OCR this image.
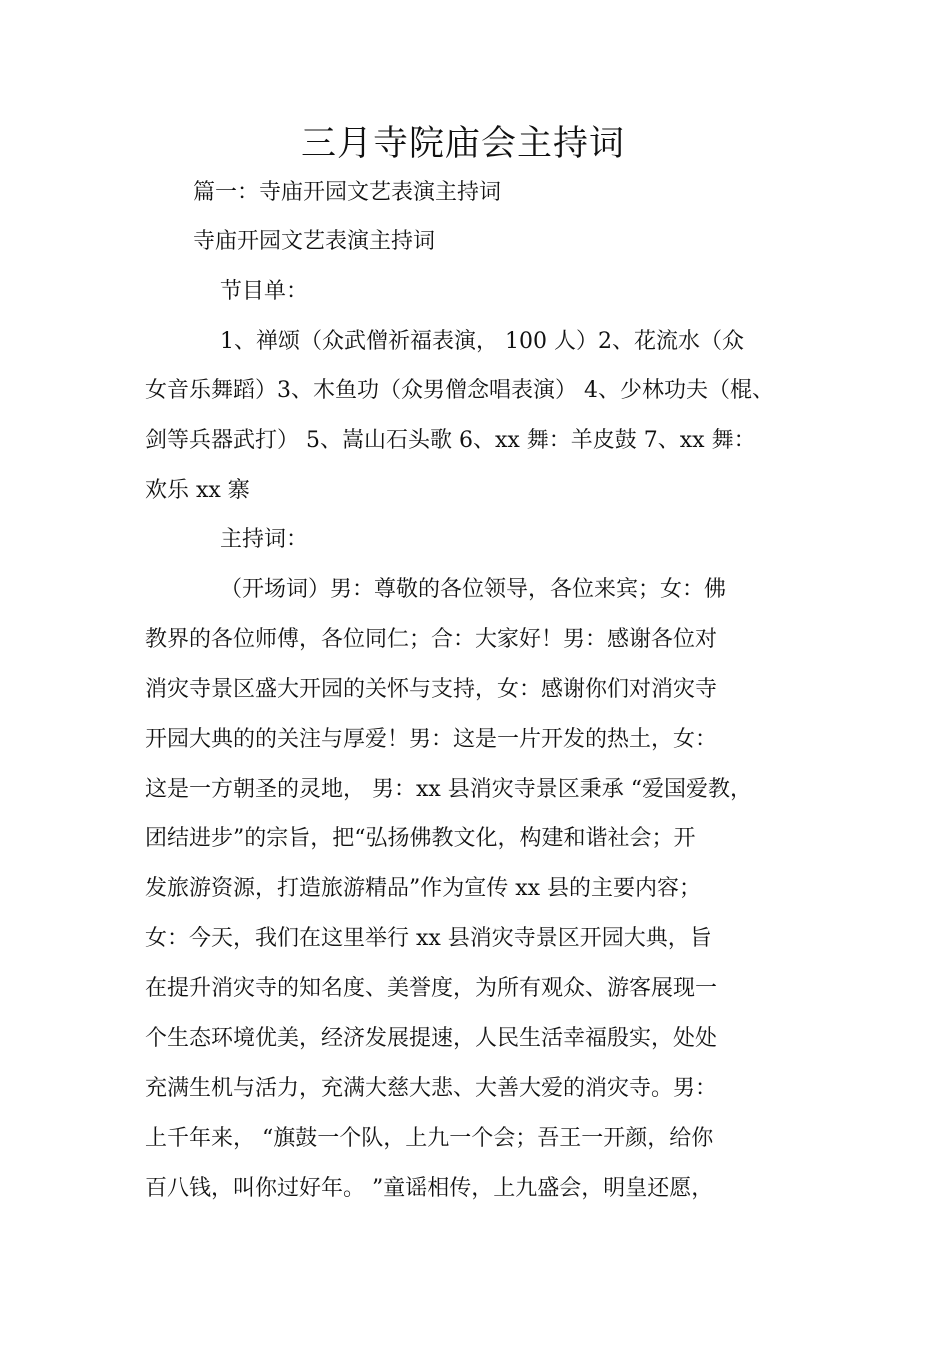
三月寺院庙会主持词
篇一：寺庙开园文艺表演主持词
寺庙开园文艺表演主持词
节目单：
1、禅颂（众武僧祈福表演， 100 人）2、花流水（众
女音乐舞蹈）3、木鱼功（众男僧念唱表演） 4、少林功夫（棍、
剑等兵器武打） 5、嵩山石头歌 6、xx 舞：羊皮鼓 7、xx 舞：
欢乐 xx 寨
主持词：
（开场词）男：尊敬的各位领导，各位来宾；女：佛
教界的各位师傅，各位同仁；合：大家好！男：感谢各位对
消灾寺景区盛大开园的关怀与支持，女：感谢你们对消灾寺
开园大典的的关注与厚爱！男：这是一片开发的热土，女：
这是一方朝圣的灵地， 男：xx 县消灾寺景区秉承 “爱国爱教，
团结进步”的宗旨，把“弘扬佛教文化，构建和谐社会；开
发旅游资源，打造旅游精品”作为宣传 xx 县的主要内容；
女：今天，我们在这里举行 xx 县消灾寺景区开园大典，旨
在提升消灾寺的知名度、美誉度，为所有观众、游客展现一
个生态环境优美，经济发展提速，人民生活幸福殷实，处处
充满生机与活力，充满大慈大悲、大善大爱的消灾寺。男：
上千年来， “旗鼓一个队，上九一个会；吾王一开颜，给你
百八钱，叫你过好年。 ”童谣相传，上九盛会，明皇还愿，
